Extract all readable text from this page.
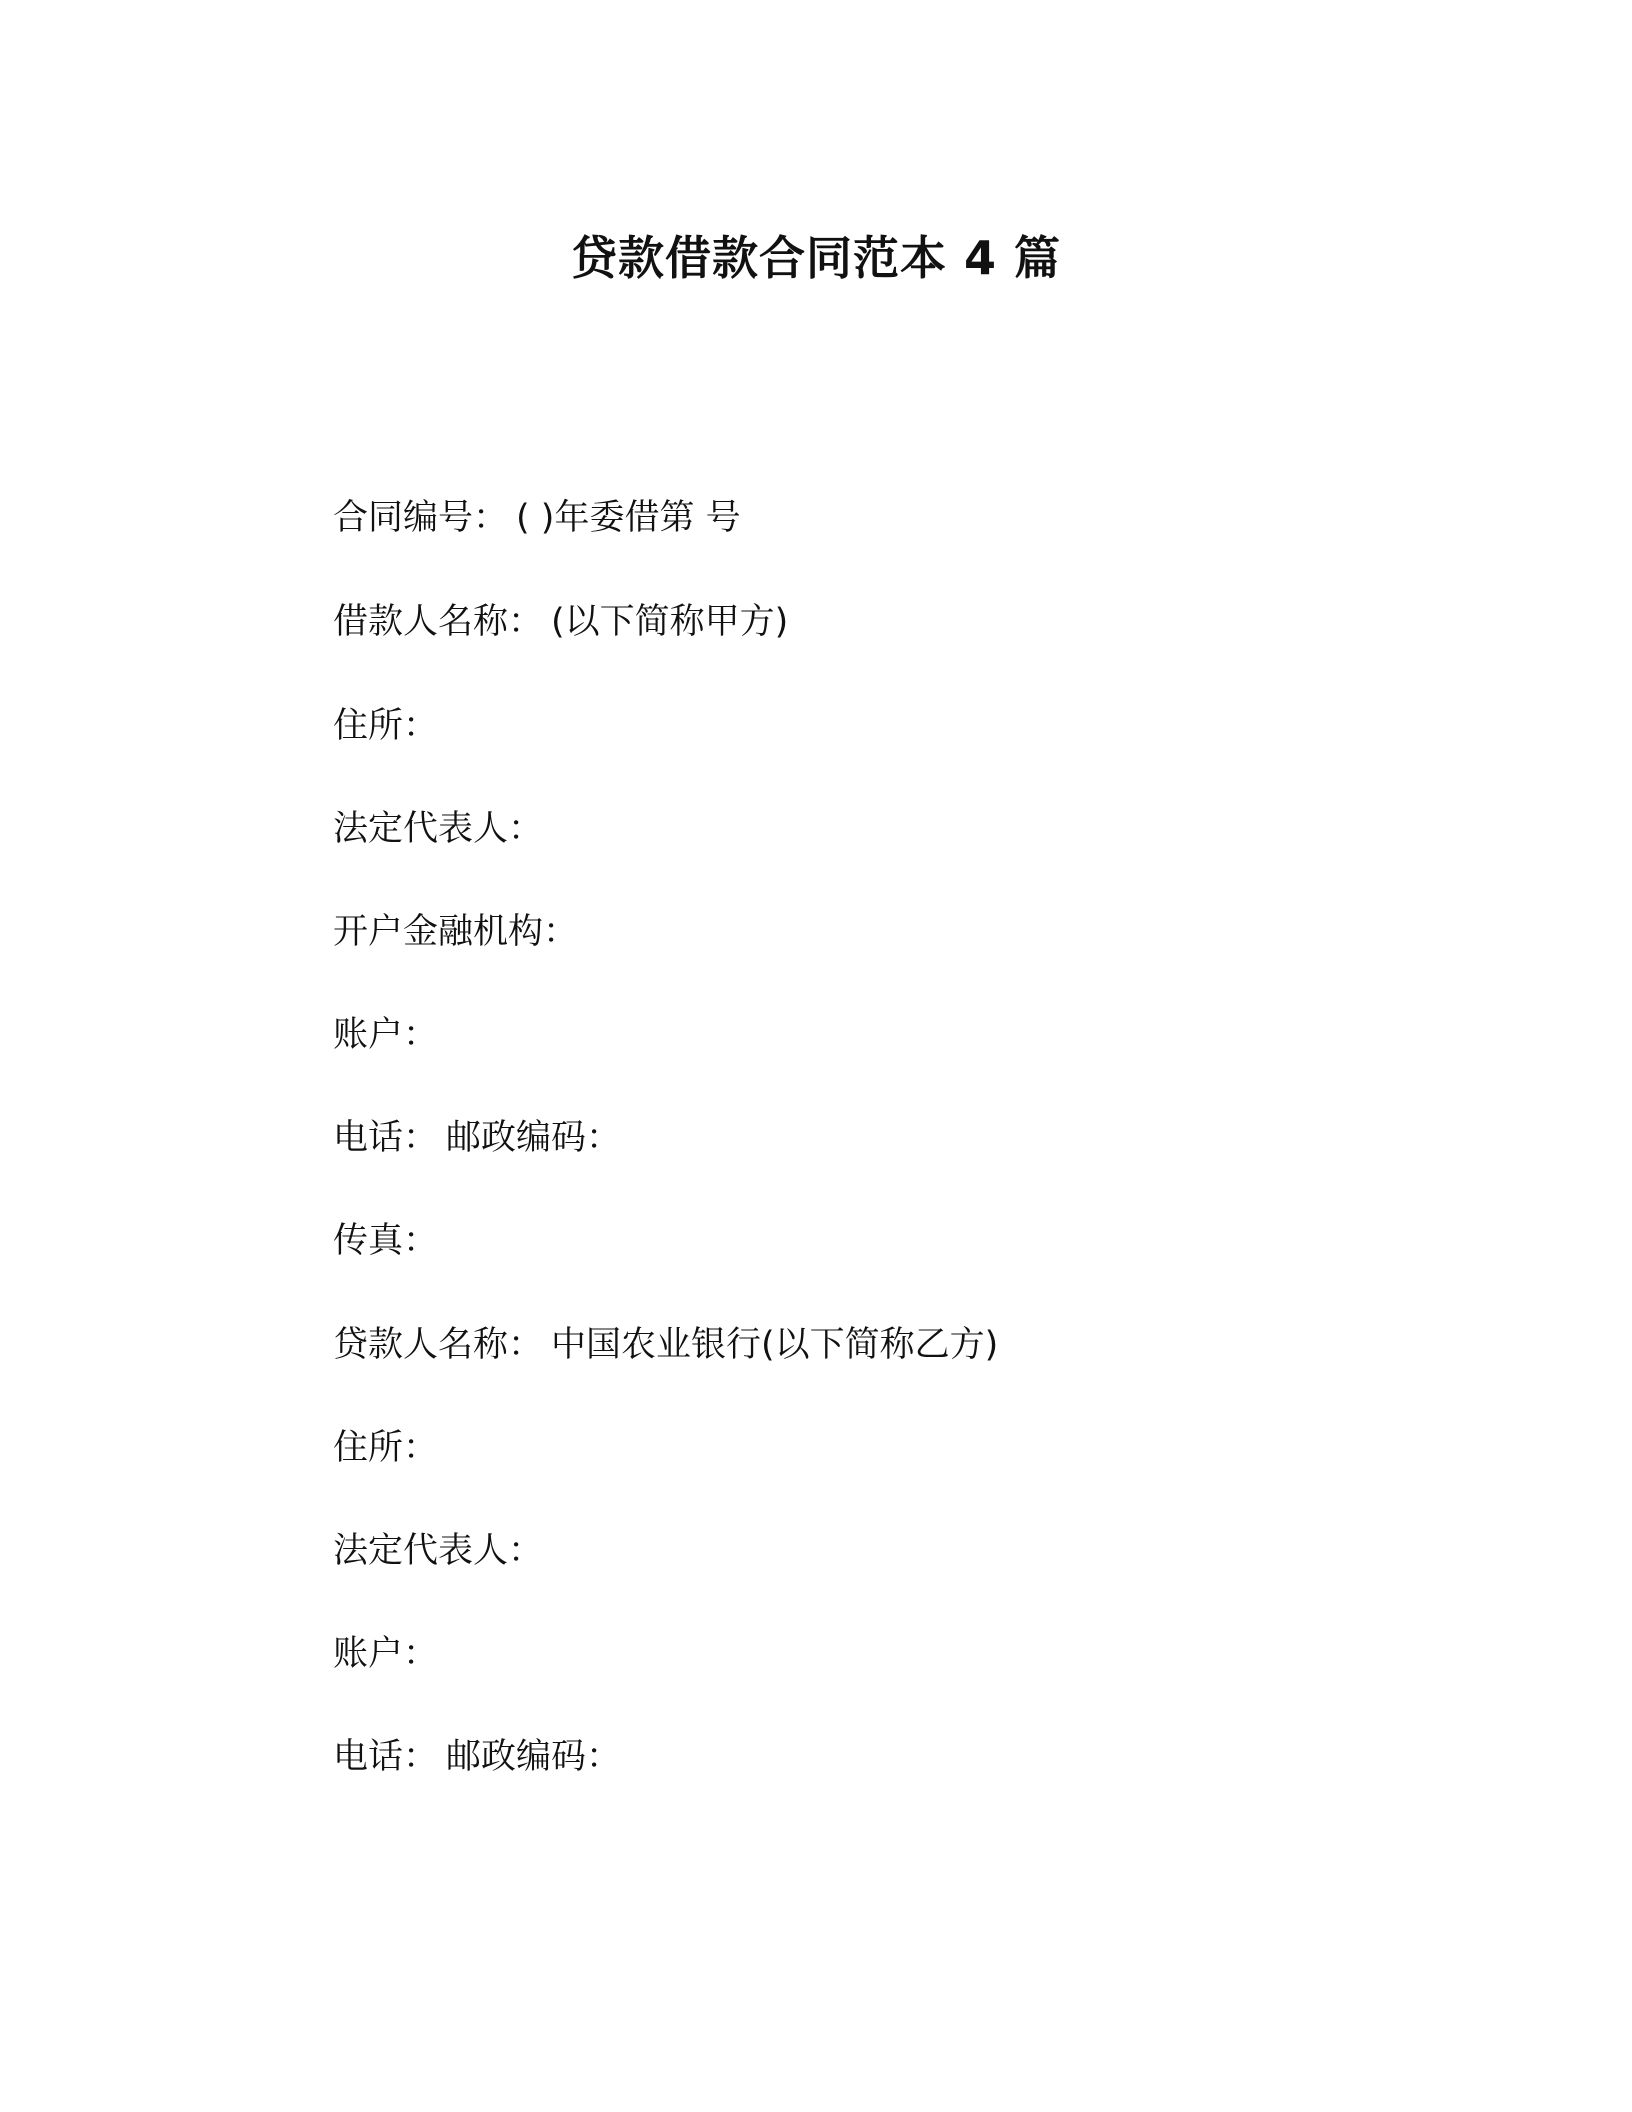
贷款借款合同范本 4 篇
合同编号： ( )年委借第 号
借款人名称： (以下简称甲方)
住所：
法定代表人：
开户金融机构：
账户：
电话： 邮政编码：
传真：
贷款人名称： 中国农业银行(以下简称乙方)
住所：
法定代表人：
账户：
电话： 邮政编码：
